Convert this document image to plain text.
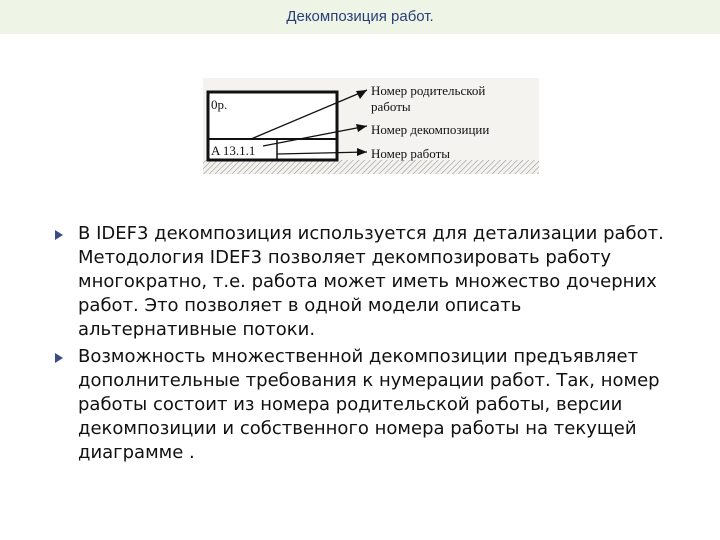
Декомпозиция работ.
0р.
A 13.1.1
Номер родительской
работы
Номер декомпозиции
Номер работы
В IDEF3 декомпозиция используется для детализации работ. Методология IDEF3 позволяет декомпозировать работу многократно, т.е. работа может иметь множество дочерних работ. Это позволяет в одной модели описать альтернативные потоки.
Возможность множественной декомпозиции предъявляет дополнительные требования к нумерации работ. Так, номер работы состоит из номера родительской работы, версии декомпозиции и собственного номера работы на текущей диаграмме .
